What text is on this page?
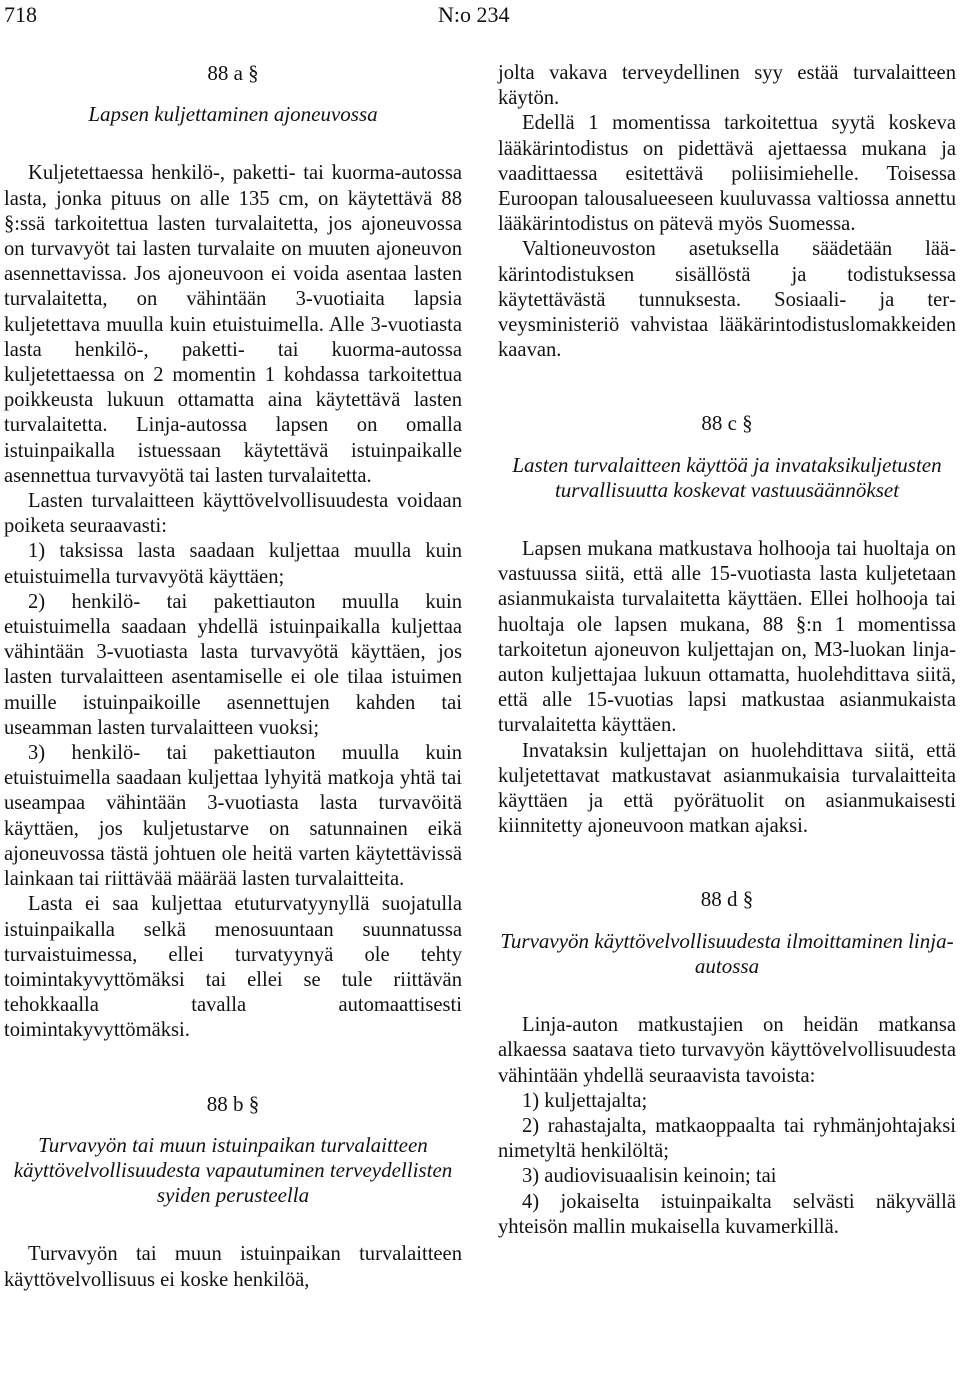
718	N:o 234

88 a §

Lapsen kuljettaminen ajoneuvossa

Kuljetettaessa henkilö-, paketti- tai kuorma-autossa lasta, jonka pituus on alle 135 cm, on käytettävä 88 §:ssä tarkoitettua lasten turvalaitetta, jos ajoneuvossa on turvavyöt tai lasten turvalaite on muuten ajoneuvon asennettavissa. Jos ajoneuvoon ei voida asentaa lasten turvalaitetta, on vähintään 3-vuotiaita lapsia kuljetettava muulla kuin etuistuimella. Alle 3-vuotiasta lasta henkilö-, paketti- tai kuorma-autossa kuljetettaessa on 2 momentin 1 kohdassa tarkoitettua poikkeusta lukuun ottamatta aina käytettävä lasten turvalaitetta. Linja-autossa lapsen on omalla istuinpaikalla istuessaan käytettävä istuinpaikalle asennettua turvavyötä tai lasten turvalaitetta.

Lasten turvalaitteen käyttövelvollisuudesta voidaan poiketa seuraavasti:

1) taksissa lasta saadaan kuljettaa muulla kuin etuistuimella turvavyötä käyttäen;

2) henkilö- tai pakettiauton muulla kuin etuistuimella saadaan yhdellä istuinpaikalla kuljettaa vähintään 3-vuotiasta lasta turvavyötä käyttäen, jos lasten turvalaitteen asentamiselle ei ole tilaa istuimen muille istuinpaikoille asennettujen kahden tai useamman lasten turvalaitteen vuoksi;

3) henkilö- tai pakettiauton muulla kuin etuistuimella saadaan kuljettaa lyhyitä matkoja yhtä tai useampaa vähintään 3-vuotiasta lasta turvavöitä käyttäen, jos kuljetustarve on satunnainen eikä ajoneuvossa tästä johtuen ole heitä varten käytettävissä lainkaan tai riittävää määrää lasten turvalaitteita.

Lasta ei saa kuljettaa etuturvatyynyllä suojatulla istuinpaikalla selkä menosuuntaan suunnatussa turvaistuimessa, ellei turvatyynyä ole tehty toimintakyvyttömäksi tai ellei se tule riittävän tehokkaalla tavalla automaattisesti toimintakyvyttömäksi.

88 b §

Turvavyön tai muun istuinpaikan turvalaitteen käyttövelvollisuudesta vapautuminen terveydellisten syiden perusteella

Turvavyön tai muun istuinpaikan turvalaitteen käyttövelvollisuus ei koske henkilöä,

jolta vakava terveydellinen syy estää turvalaitteen käytön.

Edellä 1 momentissa tarkoitettua syytä koskeva lääkärintodistus on pidettävä ajettaessa mukana ja vaadittaessa esitettävä poliisimiehelle. Toisessa Euroopan talousalueeseen kuuluvassa valtiossa annettu lääkärintodistus on pätevä myös Suomessa.

Valtioneuvoston asetuksella säädetään lääkärintodistuksen sisällöstä ja todistuksessa käytettävästä tunnuksesta. Sosiaali- ja terveysministeriö vahvistaa lääkärintodistuslomakkeiden kaavan.

88 c §

Lasten turvalaitteen käyttöä ja invataksikuljetusten turvallisuutta koskevat vastuusäännökset

Lapsen mukana matkustava holhooja tai huoltaja on vastuussa siitä, että alle 15-vuotiasta lasta kuljetetaan asianmukaista turvalaitetta käyttäen. Ellei holhooja tai huoltaja ole lapsen mukana, 88 §:n 1 momentissa tarkoitetun ajoneuvon kuljettajan on, M3-luokan linja-auton kuljettajaa lukuun ottamatta, huolehdittava siitä, että alle 15-vuotias lapsi matkustaa asianmukaista turvalaitetta käyttäen.

Invataksin kuljettajan on huolehdittava siitä, että kuljetettavat matkustavat asianmukaisia turvalaitteita käyttäen ja että pyörätuolit on asianmukaisesti kiinnitetty ajoneuvoon matkan ajaksi.

88 d §

Turvavyön käyttövelvollisuudesta ilmoittaminen linja-autossa

Linja-auton matkustajien on heidän matkansa alkaessa saatava tieto turvavyön käyttövelvollisuudesta vähintään yhdellä seuraavista tavoista:

1) kuljettajalta;

2) rahastajalta, matkaoppaalta tai ryhmänjohtajaksi nimetyltä henkilöltä;

3) audiovisuaalisin keinoin; tai

4) jokaiselta istuinpaikalta selvästi näkyvällä yhteisön mallin mukaisella kuvamerkillä.
